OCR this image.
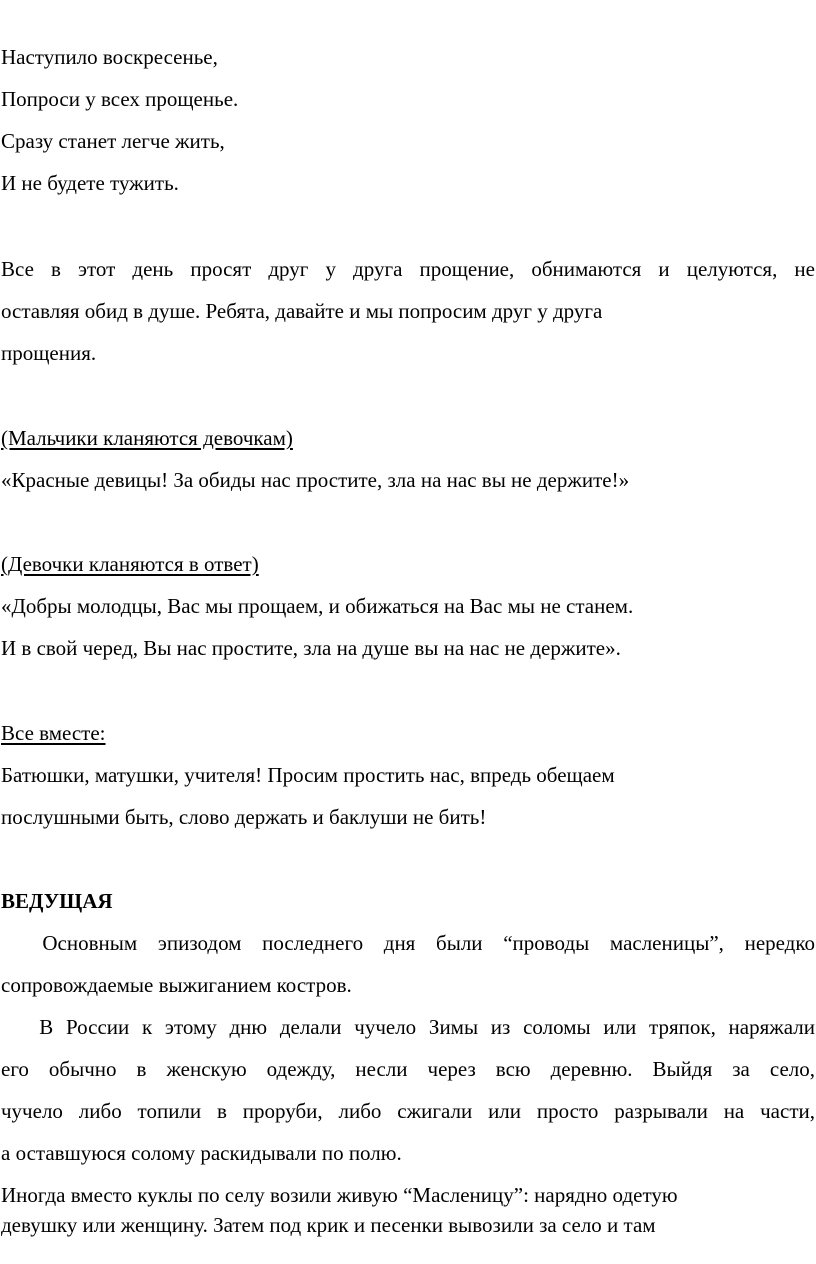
Наступило воскресенье,
Попроси у всех прощенье.
Сразу станет легче жить,
И не будете тужить.
Все в этот день просят друг у друга прощение, обнимаются и целуются, не
оставляя обид в душе. Ребята, давайте и мы попросим друг у друга
прощения.
(Мальчики кланяются девочкам)
«Красные девицы! За обиды нас простите, зла на нас вы не держите!»
(Девочки кланяются в ответ)
«Добры молодцы, Вас мы прощаем, и обижаться на Вас мы не станем.
И в свой черед, Вы нас простите, зла на душе вы на нас не держите».
Все вместе:
Батюшки, матушки, учителя! Просим простить нас, впредь обещаем
послушными быть, слово держать и баклуши не бить!
ВЕДУЩАЯ
Основным эпизодом последнего дня были “проводы масленицы”, нередко
сопровождаемые выжиганием костров.
В России к этому дню делали чучело Зимы из соломы или тряпок, наряжали
его обычно в женскую одежду, несли через всю деревню. Выйдя за село,
чучело либо топили в проруби, либо сжигали или просто разрывали на части,
а оставшуюся солому раскидывали по полю.
Иногда вместо куклы по селу возили живую “Масленицу”: нарядно одетую
девушку или женщину. Затем под крик и песенки вывозили за село и там
